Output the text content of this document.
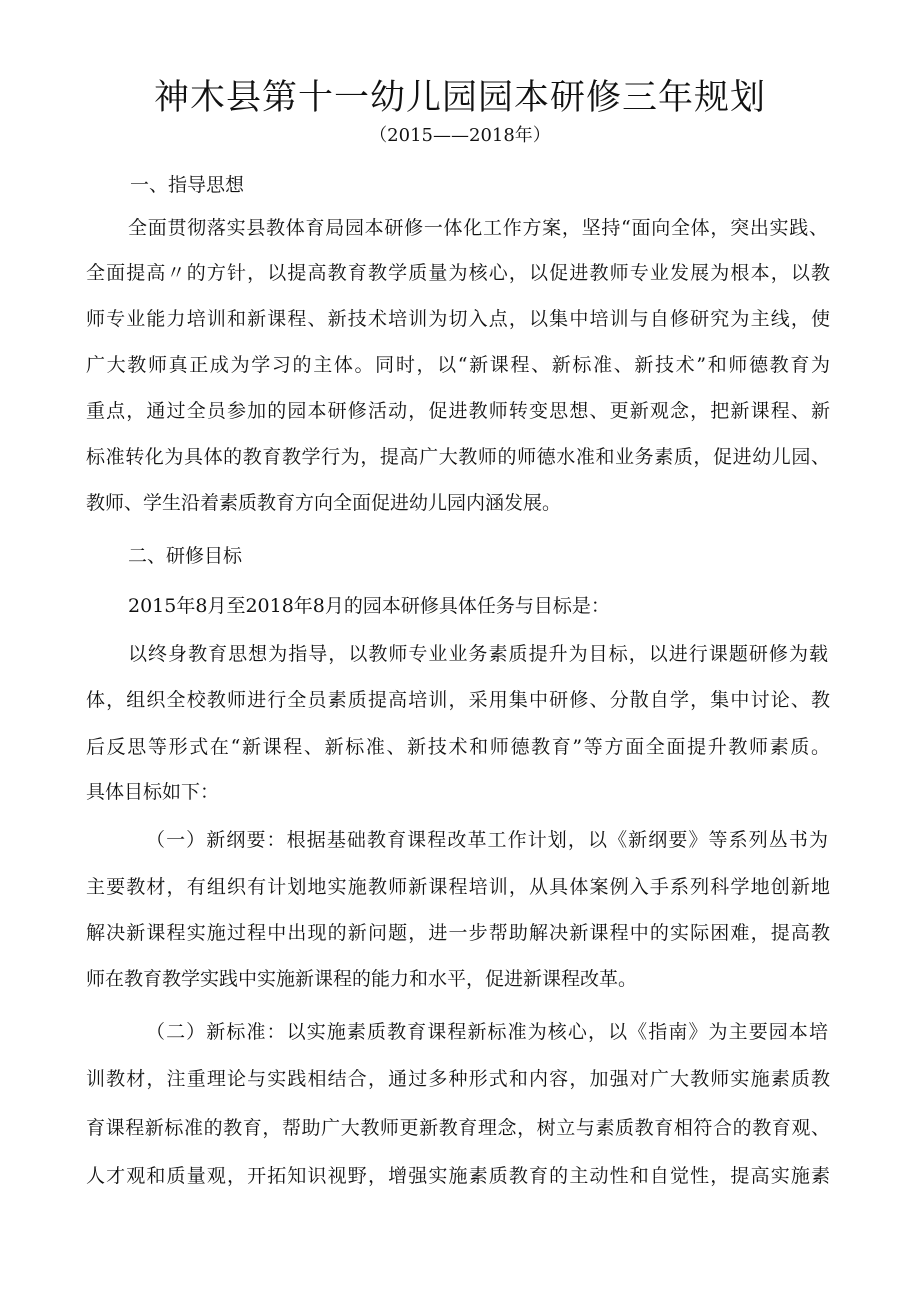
神木县第十一幼儿园园本研修三年规划
（2015——2018年）
一、指导思想
全面贯彻落实县教体育局园本研修一体化工作方案，坚持“面向全体，突出实践、
全面提高〃的方针，以提高教育教学质量为核心，以促进教师专业发展为根本，以教
师专业能力培训和新课程、新技术培训为切入点，以集中培训与自修研究为主线，使
广大教师真正成为学习的主体。同时，以“新课程、新标准、新技术”和师德教育为
重点，通过全员参加的园本研修活动，促进教师转变思想、更新观念，把新课程、新
标准转化为具体的教育教学行为，提高广大教师的师德水准和业务素质，促进幼儿园、
教师、学生沿着素质教育方向全面促进幼儿园内涵发展。
二、研修目标
2015年8月至2018年8月的园本研修具体任务与目标是：
以终身教育思想为指导，以教师专业业务素质提升为目标，以进行课题研修为载
体，组织全校教师进行全员素质提高培训，采用集中研修、分散自学，集中讨论、教
后反思等形式在“新课程、新标准、新技术和师德教育”等方面全面提升教师素质。
具体目标如下：
（一）新纲要：根据基础教育课程改革工作计划，以《新纲要》等系列丛书为
主要教材，有组织有计划地实施教师新课程培训，从具体案例入手系列科学地创新地
解决新课程实施过程中出现的新问题，进一步帮助解决新课程中的实际困难，提高教
师在教育教学实践中实施新课程的能力和水平，促进新课程改革。
（二）新标准：以实施素质教育课程新标准为核心，以《指南》为主要园本培
训教材，注重理论与实践相结合，通过多种形式和内容，加强对广大教师实施素质教
育课程新标准的教育，帮助广大教师更新教育理念，树立与素质教育相符合的教育观、
人才观和质量观，开拓知识视野，增强实施素质教育的主动性和自觉性，提高实施素
